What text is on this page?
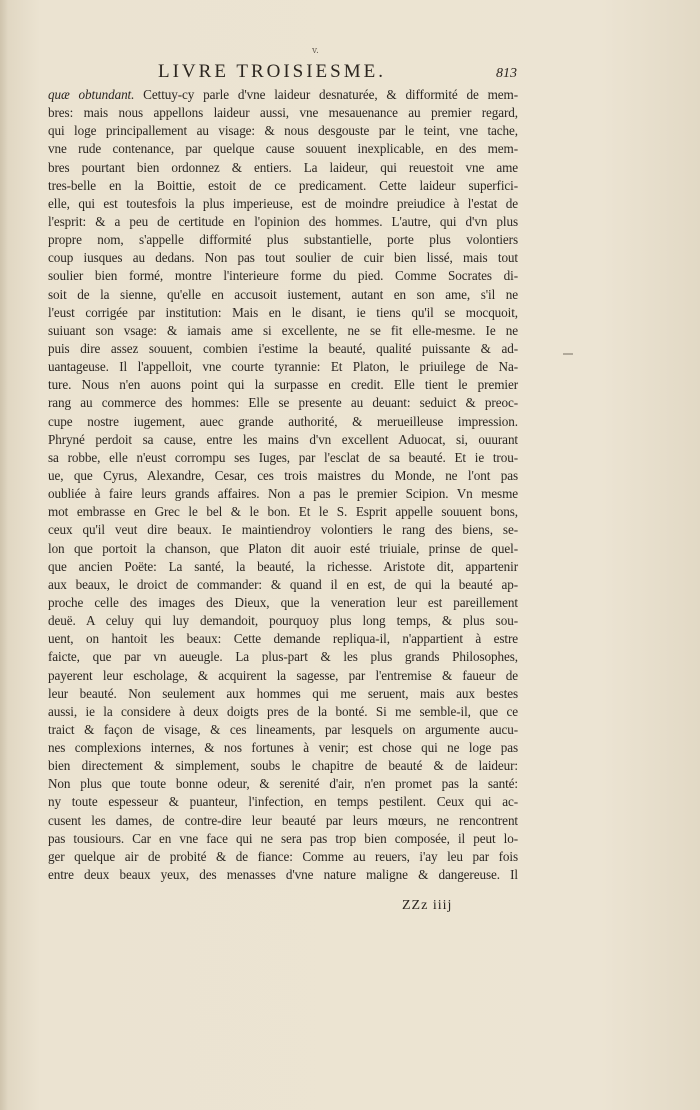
v.
LIVRE TROISIESME.	813
quæ obtundant. Cettuy-cy parle d'vne laideur desnaturée, & difformité de mem-
bres: mais nous appellons laideur aussi, vne mesauenance au premier regard,
qui loge principallement au visage: & nous desgouste par le teint, vne tache,
vne rude contenance, par quelque cause souuent inexplicable, en des mem-
bres pourtant bien ordonnez & entiers. La laideur, qui reuestoit vne ame
tres-belle en la Boittie, estoit de ce predicament. Cette laideur superfici-
elle, qui est toutesfois la plus imperieuse, est de moindre preiudice à l'estat de
l'esprit: & a peu de certitude en l'opinion des hommes. L'autre, qui d'vn plus
propre nom, s'appelle difformité plus substantielle, porte plus volontiers
coup iusques au dedans. Non pas tout soulier de cuir bien lissé, mais tout
soulier bien formé, montre l'interieure forme du pied. Comme Socrates di-
soit de la sienne, qu'elle en accusoit iustement, autant en son ame, s'il ne
l'eust corrigée par institution: Mais en le disant, ie tiens qu'il se mocquoit,
suiuant son vsage: & iamais ame si excellente, ne se fit elle-mesme. Ie ne
puis dire assez souuent, combien i'estime la beauté, qualité puissante & ad-
uantageuse. Il l'appelloit, vne courte tyrannie: Et Platon, le priuilege de Na-
ture. Nous n'en auons point qui la surpasse en credit. Elle tient le premier
rang au commerce des hommes: Elle se presente au deuant: seduict & preoc-
cupe nostre iugement, auec grande authorité, & merueilleuse impression.
Phryné perdoit sa cause, entre les mains d'vn excellent Aduocat, si, ouurant
sa robbe, elle n'eust corrompu ses Iuges, par l'esclat de sa beauté. Et ie trou-
ue, que Cyrus, Alexandre, Cesar, ces trois maistres du Monde, ne l'ont pas
oubliée à faire leurs grands affaires. Non a pas le premier Scipion. Vn mesme
mot embrasse en Grec le bel & le bon. Et le S. Esprit appelle souuent bons,
ceux qu'il veut dire beaux. Ie maintiendroy volontiers le rang des biens, se-
lon que portoit la chanson, que Platon dit auoir esté triuiale, prinse de quel-
que ancien Poëte: La santé, la beauté, la richesse. Aristote dit, appartenir
aux beaux, le droict de commander: & quand il en est, de qui la beauté ap-
proche celle des images des Dieux, que la veneration leur est pareillement
deuë. A celuy qui luy demandoit, pourquoy plus long temps, & plus sou-
uent, on hantoit les beaux: Cette demande repliqua-il, n'appartient à estre
faicte, que par vn aueugle. La plus-part & les plus grands Philosophes,
payerent leur escholage, & acquirent la sagesse, par l'entremise & faueur de
leur beauté. Non seulement aux hommes qui me seruent, mais aux bestes
aussi, ie la considere à deux doigts pres de la bonté. Si me semble-il, que ce
traict & façon de visage, & ces lineaments, par lesquels on argumente aucu-
nes complexions internes, & nos fortunes à venir; est chose qui ne loge pas
bien directement & simplement, soubs le chapitre de beauté & de laideur:
Non plus que toute bonne odeur, & serenité d'air, n'en promet pas la santé:
ny toute espesseur & puanteur, l'infection, en temps pestilent. Ceux qui ac-
cusent les dames, de contre-dire leur beauté par leurs mœurs, ne rencontrent
pas tousiours. Car en vne face qui ne sera pas trop bien composée, il peut lo-
ger quelque air de probité & de fiance: Comme au reuers, i'ay leu par fois
entre deux beaux yeux, des menasses d'vne nature maligne & dangereuse. Il
ZZz iiij
